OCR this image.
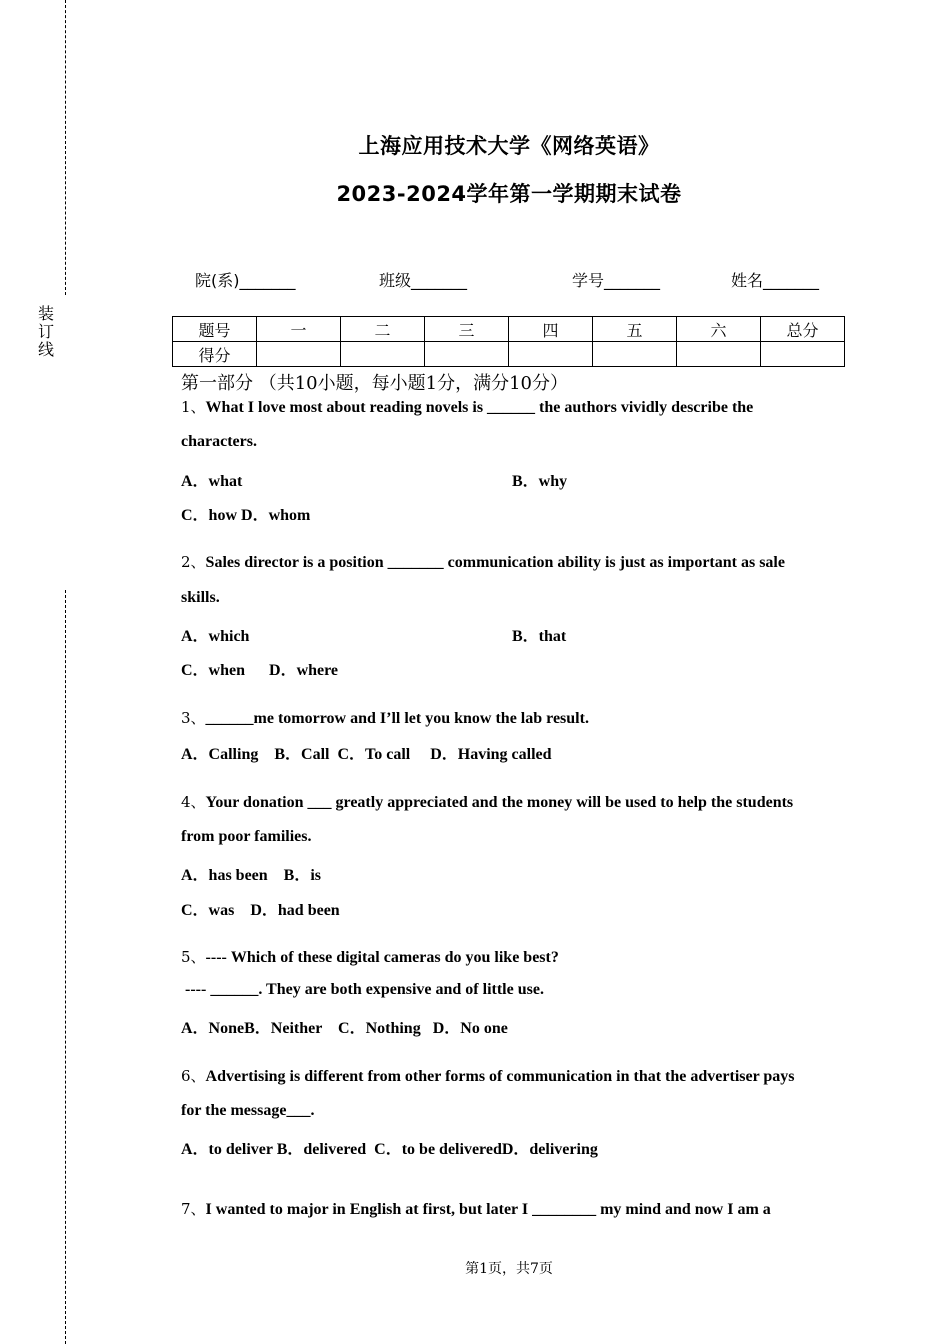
装订线
上海应用技术大学《网络英语》
2023-2024学年第一学期期末试卷
院(系)_______	班级_______	学号_______	姓名_______
题号	一	二	三	四	五	六	总分
得分							
第一部分 （共10小题，每小题1分，满分10分）
1、What I love most about reading novels is ______ the authors vividly describe the
characters.
A．what	B．why
C．how D．whom
2、Sales director is a position _______ communication ability is just as important as sale
skills.
A．which	B．that
C．when      D．where
3、______me tomorrow and I’ll let you know the lab result.
A．Calling    B．Call  C．To call     D．Having called
4、Your donation ___ greatly appreciated and the money will be used to help the students
from poor families.
A．has been    B．is
C．was    D．had been
5、---- Which of these digital cameras do you like best?
---- ______. They are both expensive and of little use.
A．NoneB．Neither    C．Nothing   D．No one
6、Advertising is different from other forms of communication in that the advertiser pays
for the message___.
A．to deliver B．delivered  C．to be deliveredD．delivering
7、I wanted to major in English at first, but later I ________ my mind and now I am a
第1页，共7页
